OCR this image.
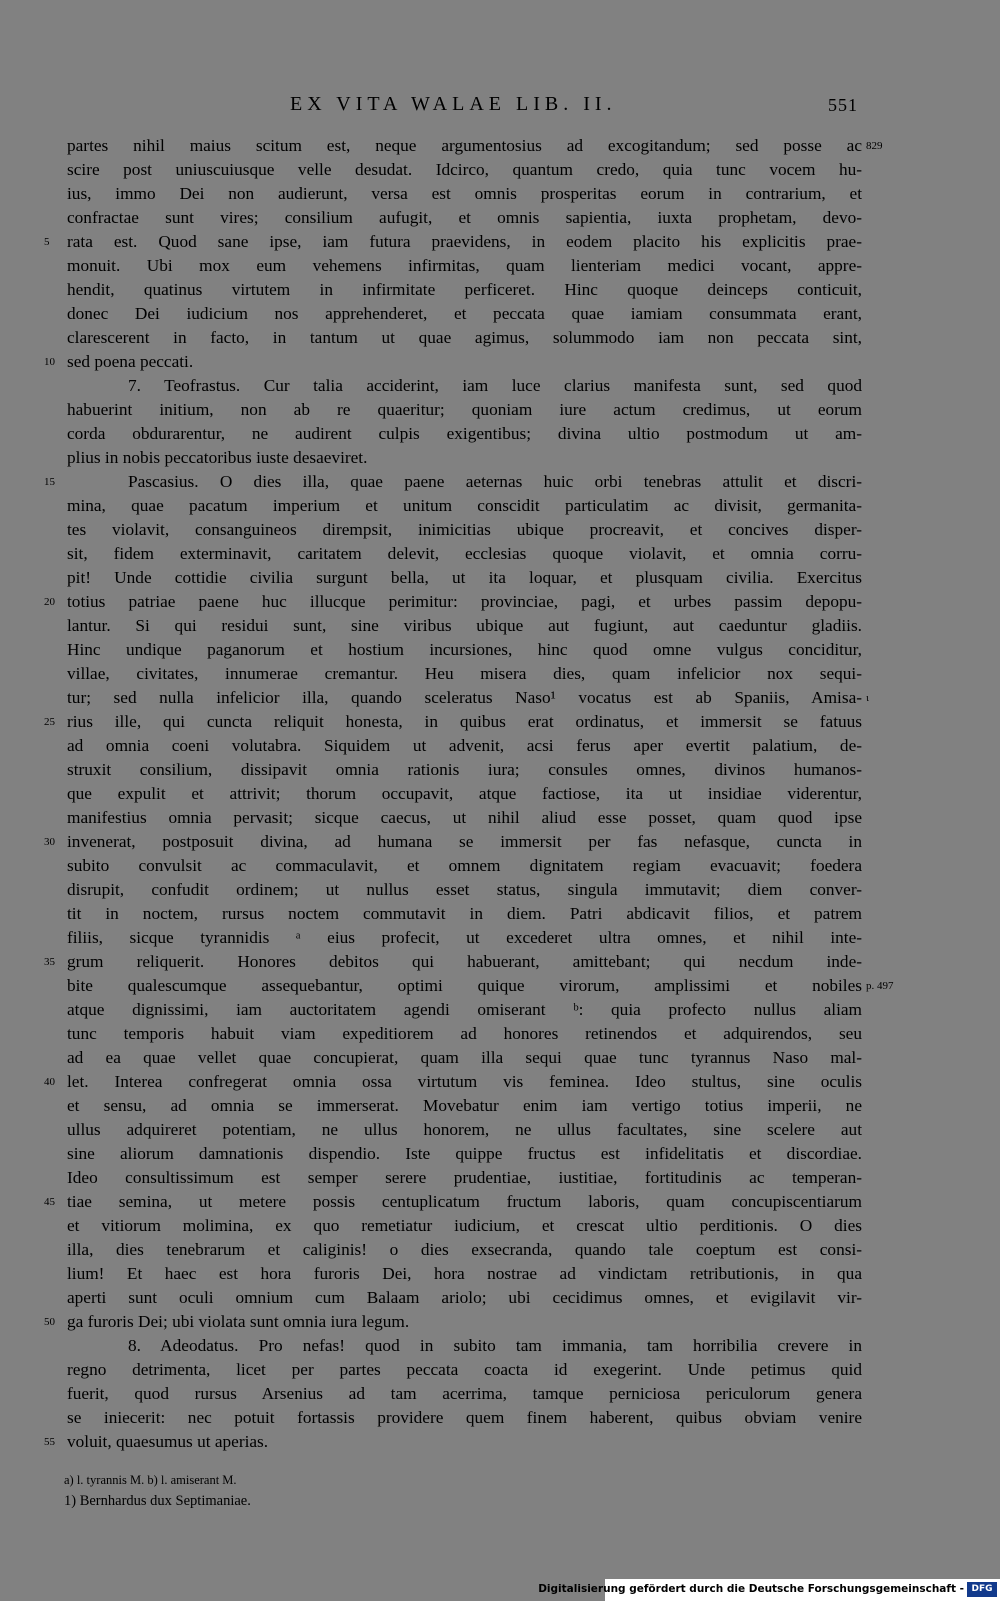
EX VITA WALAE LIB. II.	551
partes nihil maius scitum est, neque argumentosius ad excogitandum; sed posse ac
scire post uniuscuiusque velle desudat. Idcirco, quantum credo, quia tunc vocem hu-
ius, immo Dei non audierunt, versa est omnis prosperitas eorum in contrarium, et
confractae sunt vires; consilium aufugit, et omnis sapientia, iuxta prophetam, devo-
rata est. Quod sane ipse, iam futura praevidens, in eodem placito his explicitis prae-
monuit. Ubi mox eum vehemens infirmitas, quam lienteriam medici vocant, appre-
hendit, quatinus virtutem in infirmitate perficeret. Hinc quoque deinceps conticuit,
donec Dei iudicium nos apprehenderet, et peccata quae iamiam consummata erant,
clarescerent in facto, in tantum ut quae agimus, solummodo iam non peccata sint,
sed poena peccati.
7. Teofrastus. Cur talia acciderint, iam luce clarius manifesta sunt, sed quod
habuerint initium, non ab re quaeritur; quoniam iure actum credimus, ut eorum
corda obdurarentur, ne audirent culpis exigentibus; divina ultio postmodum ut am-
plius in nobis peccatoribus iuste desaeviret.
Pascasius. O dies illa, quae paene aeternas huic orbi tenebras attulit et discri-
mina, quae pacatum imperium et unitum conscidit particulatim ac divisit, germanita-
tes violavit, consanguineos dirempsit, inimicitias ubique procreavit, et concives disper-
sit, fidem exterminavit, caritatem delevit, ecclesias quoque violavit, et omnia corru-
pit! Unde cottidie civilia surgunt bella, ut ita loquar, et plusquam civilia. Exercitus
totius patriae paene huc illucque perimitur: provinciae, pagi, et urbes passim depopu-
lantur. Si qui residui sunt, sine viribus ubique aut fugiunt, aut caeduntur gladiis.
Hinc undique paganorum et hostium incursiones, hinc quod omne vulgus conciditur,
villae, civitates, innumerae cremantur. Heu misera dies, quam infelicior nox sequi-
tur; sed nulla infelicior illa, quando sceleratus Naso¹ vocatus est ab Spaniis, Amisa-
rius ille, qui cuncta reliquit honesta, in quibus erat ordinatus, et immersit se fatuus
ad omnia coeni volutabra. Siquidem ut advenit, acsi ferus aper evertit palatium, de-
struxit consilium, dissipavit omnia rationis iura; consules omnes, divinos humanos-
que expulit et attrivit; thorum occupavit, atque factiose, ita ut insidiae viderentur,
manifestius omnia pervasit; sicque caecus, ut nihil aliud esse posset, quam quod ipse
invenerat, postposuit divina, ad humana se immersit per fas nefasque, cuncta in
subito convulsit ac commaculavit, et omnem dignitatem regiam evacuavit; foedera
disrupit, confudit ordinem; ut nullus esset status, singula immutavit; diem conver-
tit in noctem, rursus noctem commutavit in diem. Patri abdicavit filios, et patrem
filiis, sicque tyrannidis ᵃ eius profecit, ut excederet ultra omnes, et nihil inte-
grum reliquerit. Honores debitos qui habuerant, amittebant; qui necdum inde-
bite qualescumque assequebantur, optimi quique virorum, amplissimi et nobiles
atque dignissimi, iam auctoritatem agendi omiserant ᵇ: quia profecto nullus aliam
tunc temporis habuit viam expeditiorem ad honores retinendos et adquirendos, seu
ad ea quae vellet quae concupierat, quam illa sequi quae tunc tyrannus Naso mal-
let. Interea confregerat omnia ossa virtutum vis feminea. Ideo stultus, sine oculis
et sensu, ad omnia se immerserat. Movebatur enim iam vertigo totius imperii, ne
ullus adquireret potentiam, ne ullus honorem, ne ullus facultates, sine scelere aut
sine aliorum damnationis dispendio. Iste quippe fructus est infidelitatis et discordiae.
Ideo consultissimum est semper serere prudentiae, iustitiae, fortitudinis ac temperan-
tiae semina, ut metere possis centuplicatum fructum laboris, quam concupiscentiarum
et vitiorum molimina, ex quo remetiatur iudicium, et crescat ultio perditionis. O dies
illa, dies tenebrarum et caliginis! o dies exsecranda, quando tale coeptum est consi-
lium! Et haec est hora furoris Dei, hora nostrae ad vindictam retributionis, in qua
aperti sunt oculi omnium cum Balaam ariolo; ubi cecidimus omnes, et evigilavit vir-
ga furoris Dei; ubi violata sunt omnia iura legum.
8. Adeodatus. Pro nefas! quod in subito tam immania, tam horribilia crevere in
regno detrimenta, licet per partes peccata coacta id exegerint. Unde petimus quid
fuerit, quod rursus Arsenius ad tam acerrima, tamque perniciosa periculorum genera
se iniecerit: nec potuit fortassis providere quem finem haberent, quibus obviam venire
voluit, quaesumus ut aperias.
5
10
15
20
25
30
35
40
45
50
55
829
ι
p. 497
a) l. tyrannis M. b) l. amiserant M.
1) Bernhardus dux Septimaniae.
Digitalisierung gefördert durch die Deutsche Forschungsgemeinschaft - DFG
